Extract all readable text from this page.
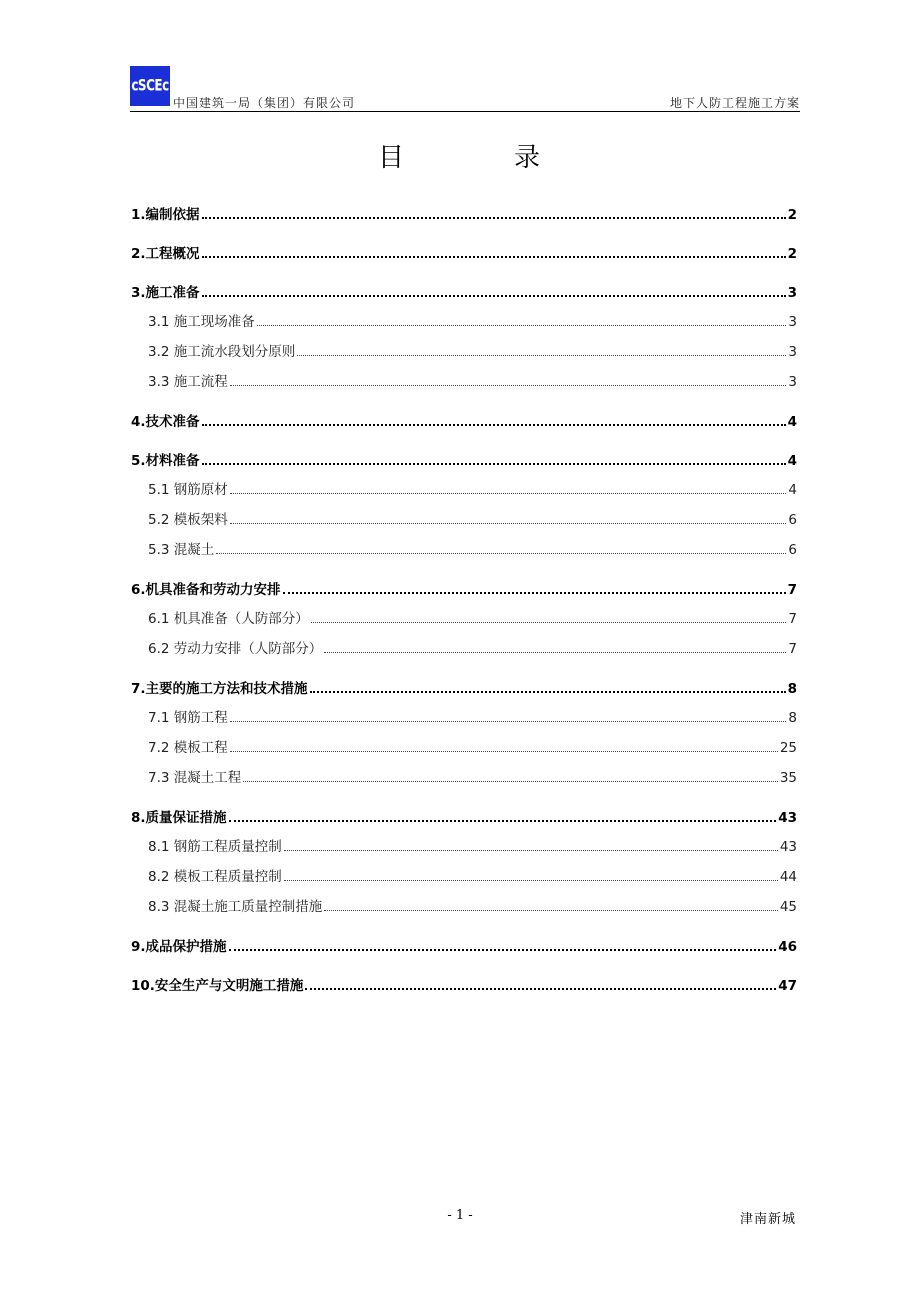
cSCEc
中国建筑一局（集团）有限公司	地下人防工程施工方案
目	录
1.编制依据	2
2.工程概况	2
3.施工准备	3
3.1 施工现场准备	3
3.2 施工流水段划分原则	3
3.3 施工流程	3
4.技术准备	4
5.材料准备	4
5.1 钢筋原材	4
5.2 模板架料	6
5.3 混凝土	6
6.机具准备和劳动力安排	7
6.1 机具准备（人防部分）	7
6.2 劳动力安排（人防部分）	7
7.主要的施工方法和技术措施	8
7.1 钢筋工程	8
7.2 模板工程	25
7.3 混凝土工程	35
8.质量保证措施	43
8.1 钢筋工程质量控制	43
8.2 模板工程质量控制	44
8.3 混凝土施工质量控制措施	45
9.成品保护措施	46
10.安全生产与文明施工措施	47
- 1 -	津南新城
